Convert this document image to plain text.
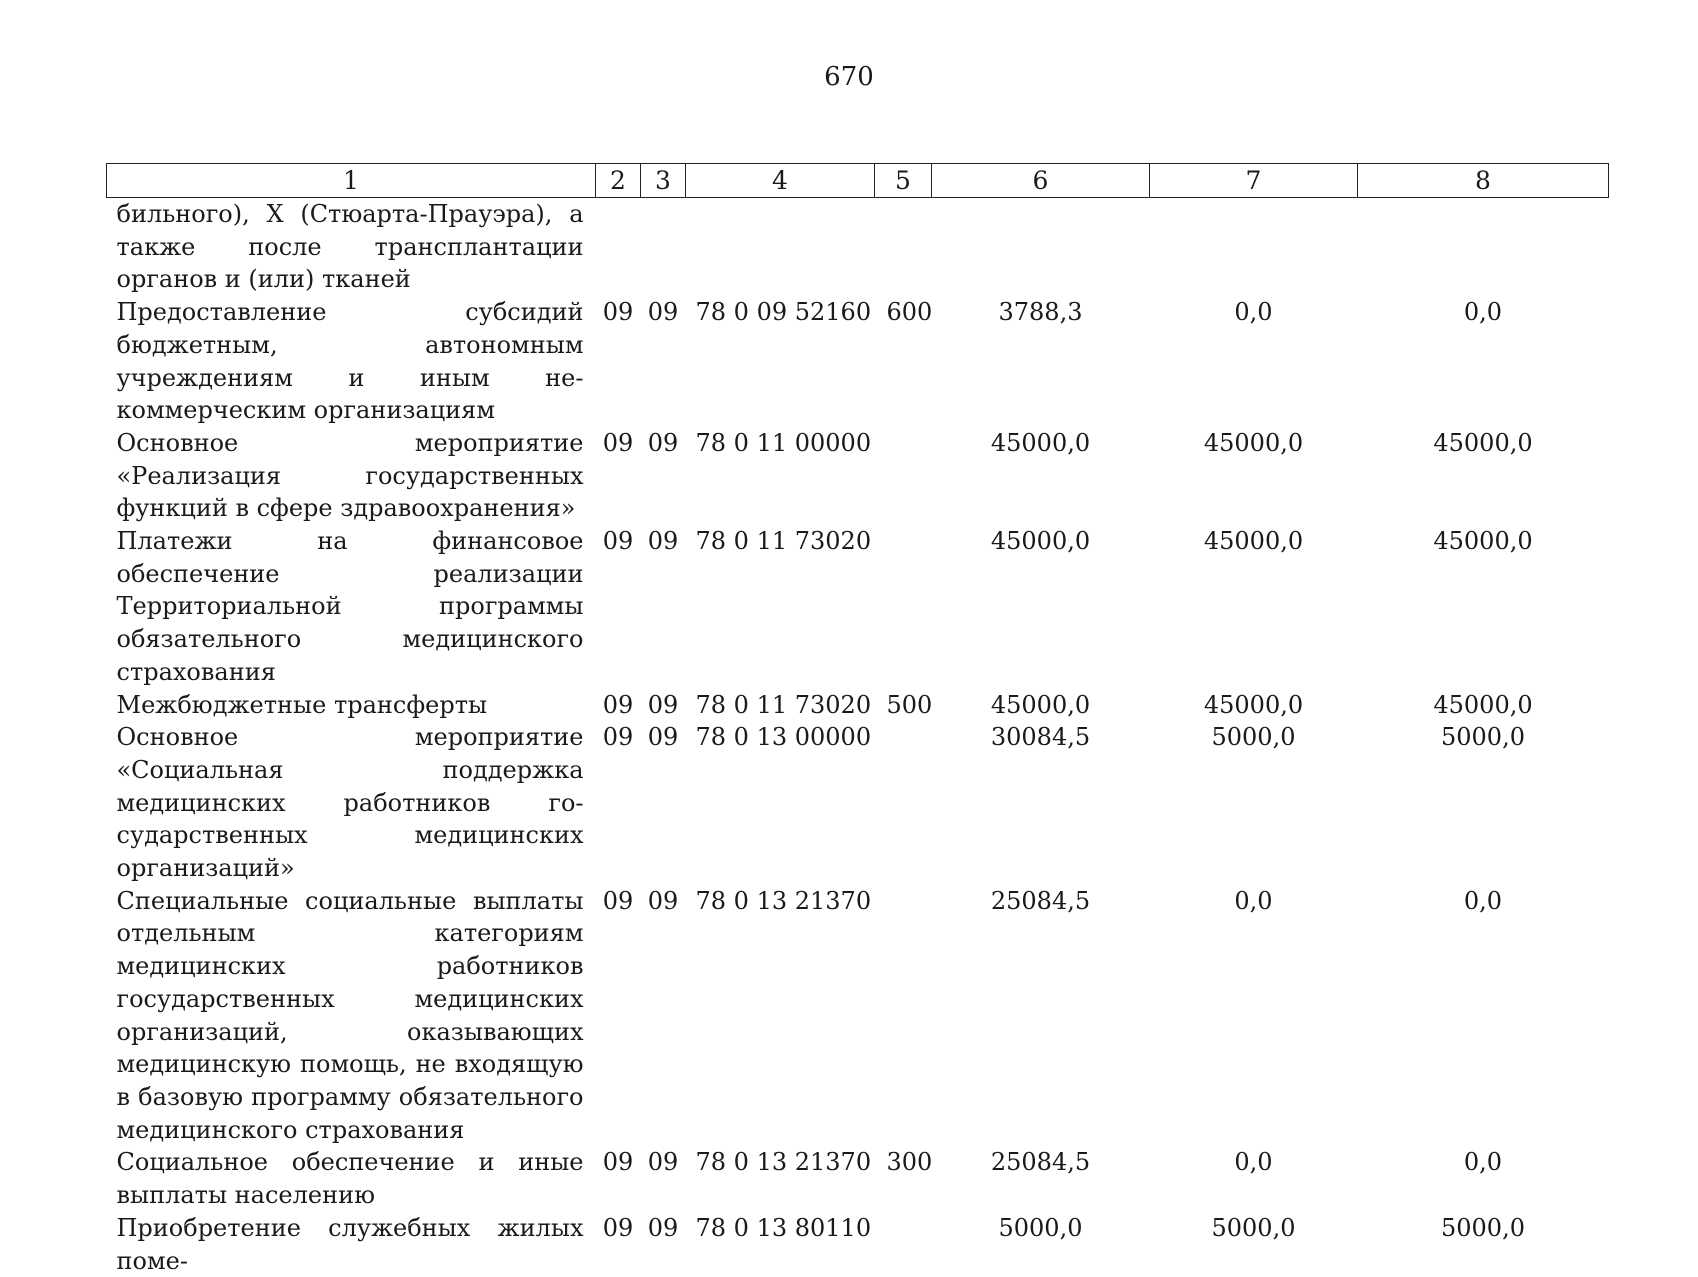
670
1	2	3	4	5	6	7	8
бильного), X (Стюарта-Прауэра), а также после трансплантации органов и (или) тканей							
Предоставление субсидий бюджетным, автономным учреждениям и иным некоммерческим организациям	09	09	78 0 09 52160	600	3788,3	0,0	0,0
Основное мероприятие «Реализация государственных функций в сфере здравоохранения»	09	09	78 0 11 00000		45000,0	45000,0	45000,0
Платежи на финансовое обеспечение реализации Территориальной программы обязательного медицинского страхования	09	09	78 0 11 73020		45000,0	45000,0	45000,0
Межбюджетные трансферты	09	09	78 0 11 73020	500	45000,0	45000,0	45000,0
Основное мероприятие «Социальная поддержка медицинских работников государственных медицинских организаций»	09	09	78 0 13 00000		30084,5	5000,0	5000,0
Специальные социальные выплаты отдельным категориям медицинских работников государственных медицинских организаций, оказывающих медицинскую помощь, не входящую в базовую программу обязательного медицинского страхования	09	09	78 0 13 21370		25084,5	0,0	0,0
Социальное обеспечение и иные выплаты населению	09	09	78 0 13 21370	300	25084,5	0,0	0,0
Приобретение служебных жилых поме-	09	09	78 0 13 80110		5000,0	5000,0	5000,0
